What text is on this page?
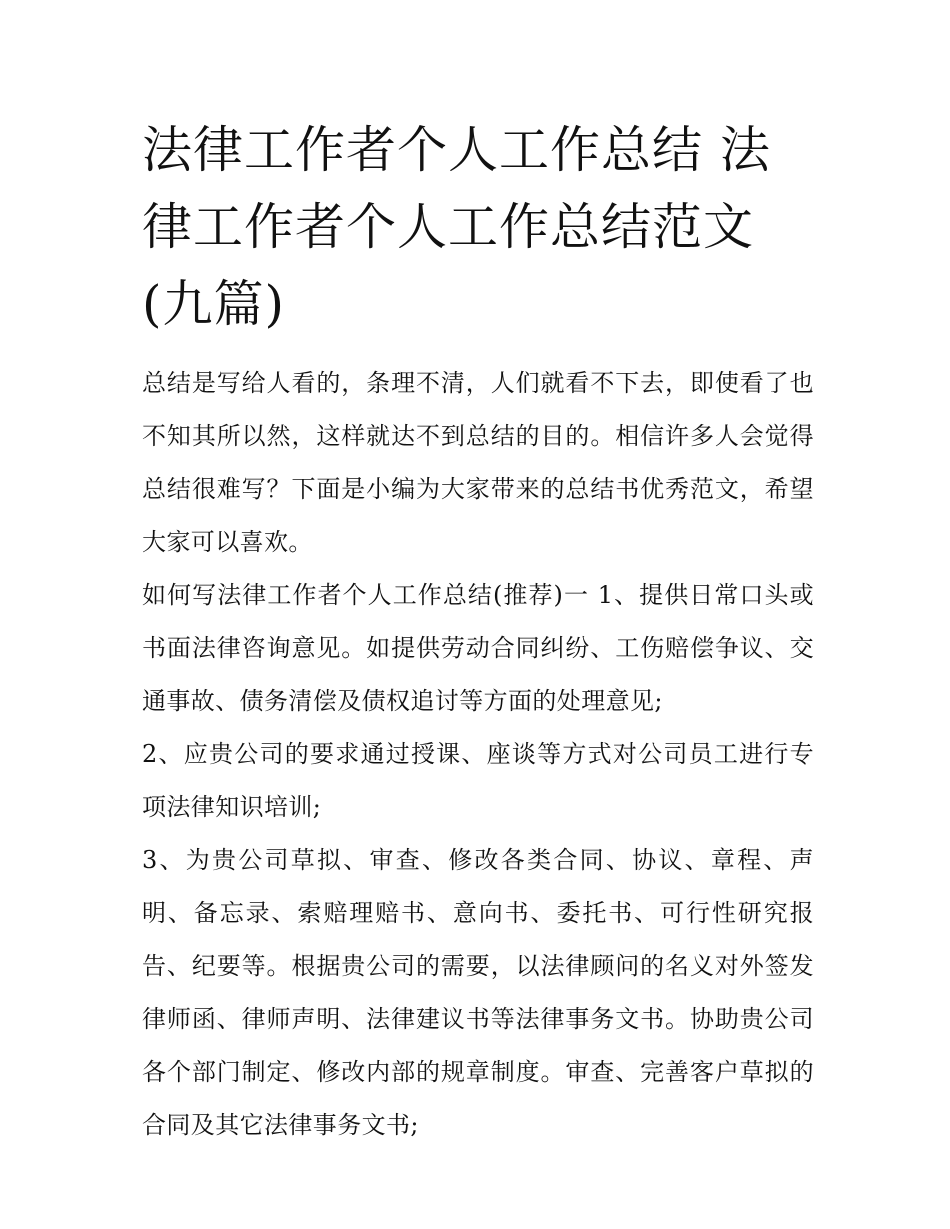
法律工作者个人工作总结 法律工作者个人工作总结范文(九篇)

总结是写给人看的，条理不清，人们就看不下去，即使看了也不知其所以然，这样就达不到总结的目的。相信许多人会觉得总结很难写？下面是小编为大家带来的总结书优秀范文，希望大家可以喜欢。

如何写法律工作者个人工作总结(推荐)一 1、提供日常口头或书面法律咨询意见。如提供劳动合同纠纷、工伤赔偿争议、交通事故、债务清偿及债权追讨等方面的处理意见;

2、应贵公司的要求通过授课、座谈等方式对公司员工进行专项法律知识培训;

3、为贵公司草拟、审查、修改各类合同、协议、章程、声明、备忘录、索赔理赔书、意向书、委托书、可行性研究报告、纪要等。根据贵公司的需要，以法律顾问的名义对外签发律师函、律师声明、法律建议书等法律事务文书。协助贵公司各个部门制定、修改内部的规章制度。审查、完善客户草拟的合同及其它法律事务文书;
